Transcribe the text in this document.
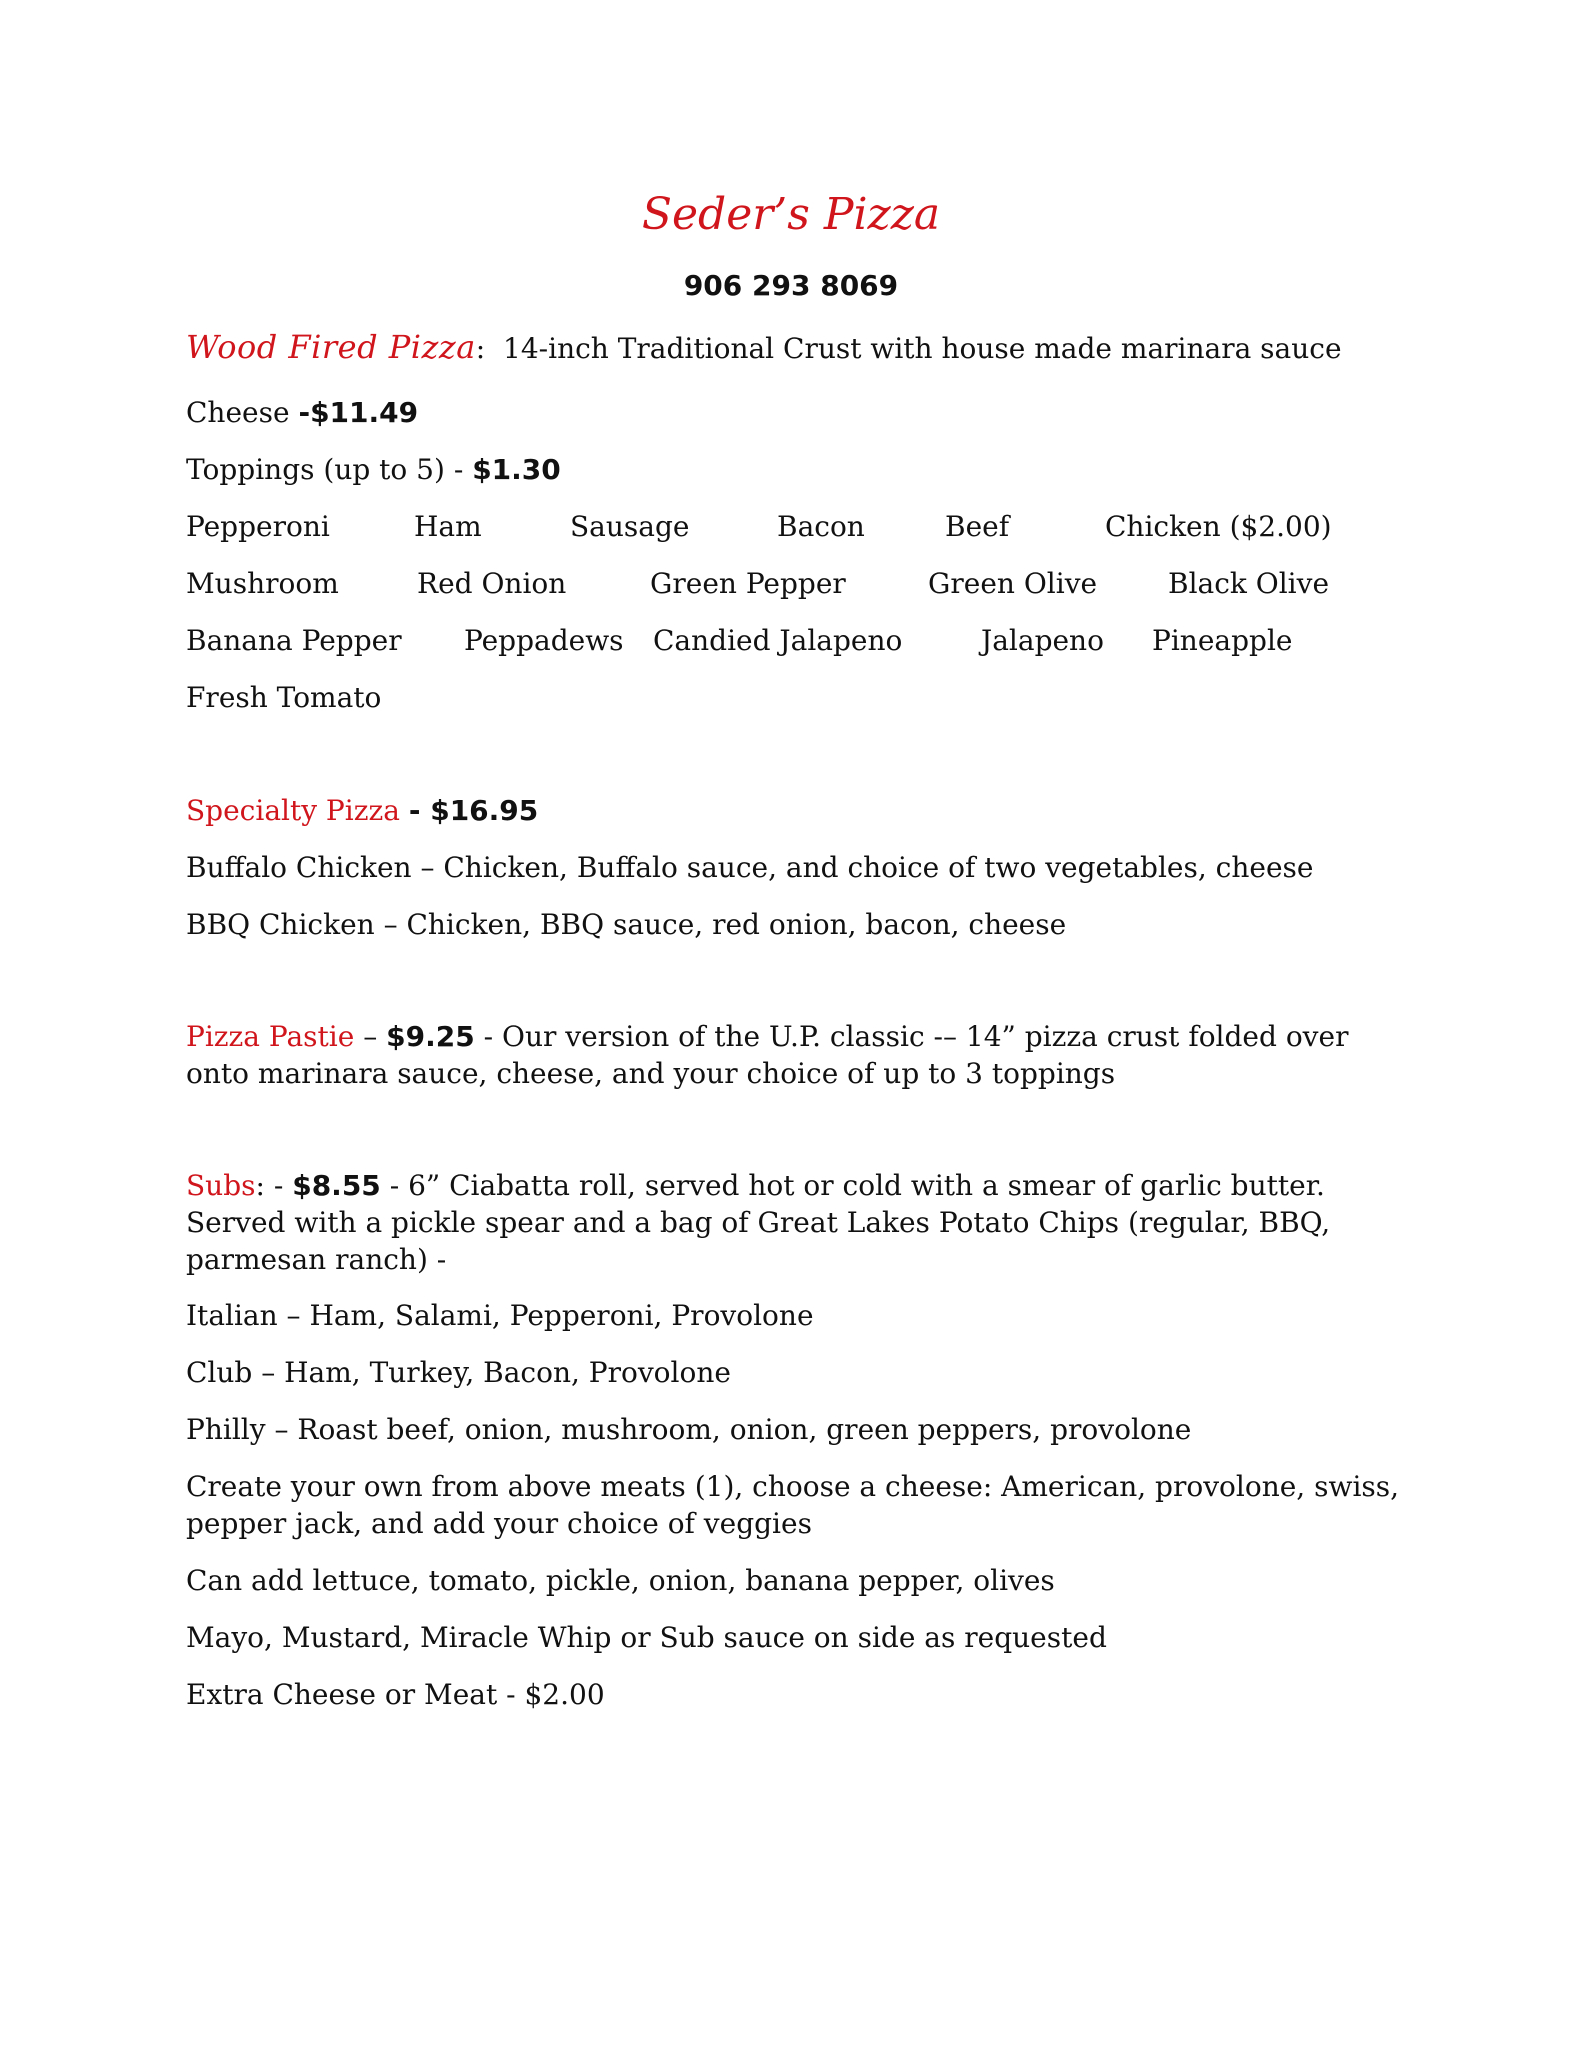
Seder’s Pizza
906 293 8069
Wood Fired Pizza: 14-inch Traditional Crust with house made marinara sauce
Cheese -$11.49
Toppings (up to 5) - $1.30
Pepperoni	Ham	Sausage	Bacon	Beef	Chicken ($2.00)
Mushroom	Red Onion	Green Pepper	Green Olive	Black Olive
Banana Pepper Peppadews Candied Jalapeno	Jalapeno Pineapple
Fresh Tomato
Specialty Pizza - $16.95
Buffalo Chicken – Chicken, Buffalo sauce, and choice of two vegetables, cheese
BBQ Chicken – Chicken, BBQ sauce, red onion, bacon, cheese
Pizza Pastie – $9.25 - Our version of the U.P. classic -– 14” pizza crust folded over
onto marinara sauce, cheese, and your choice of up to 3 toppings
Subs: - $8.55 - 6” Ciabatta roll, served hot or cold with a smear of garlic butter.
Served with a pickle spear and a bag of Great Lakes Potato Chips (regular, BBQ,
parmesan ranch) -
Italian – Ham, Salami, Pepperoni, Provolone
Club – Ham, Turkey, Bacon, Provolone
Philly – Roast beef, onion, mushroom, onion, green peppers, provolone
Create your own from above meats (1), choose a cheese: American, provolone, swiss,
pepper jack, and add your choice of veggies
Can add lettuce, tomato, pickle, onion, banana pepper, olives
Mayo, Mustard, Miracle Whip or Sub sauce on side as requested
Extra Cheese or Meat - $2.00
